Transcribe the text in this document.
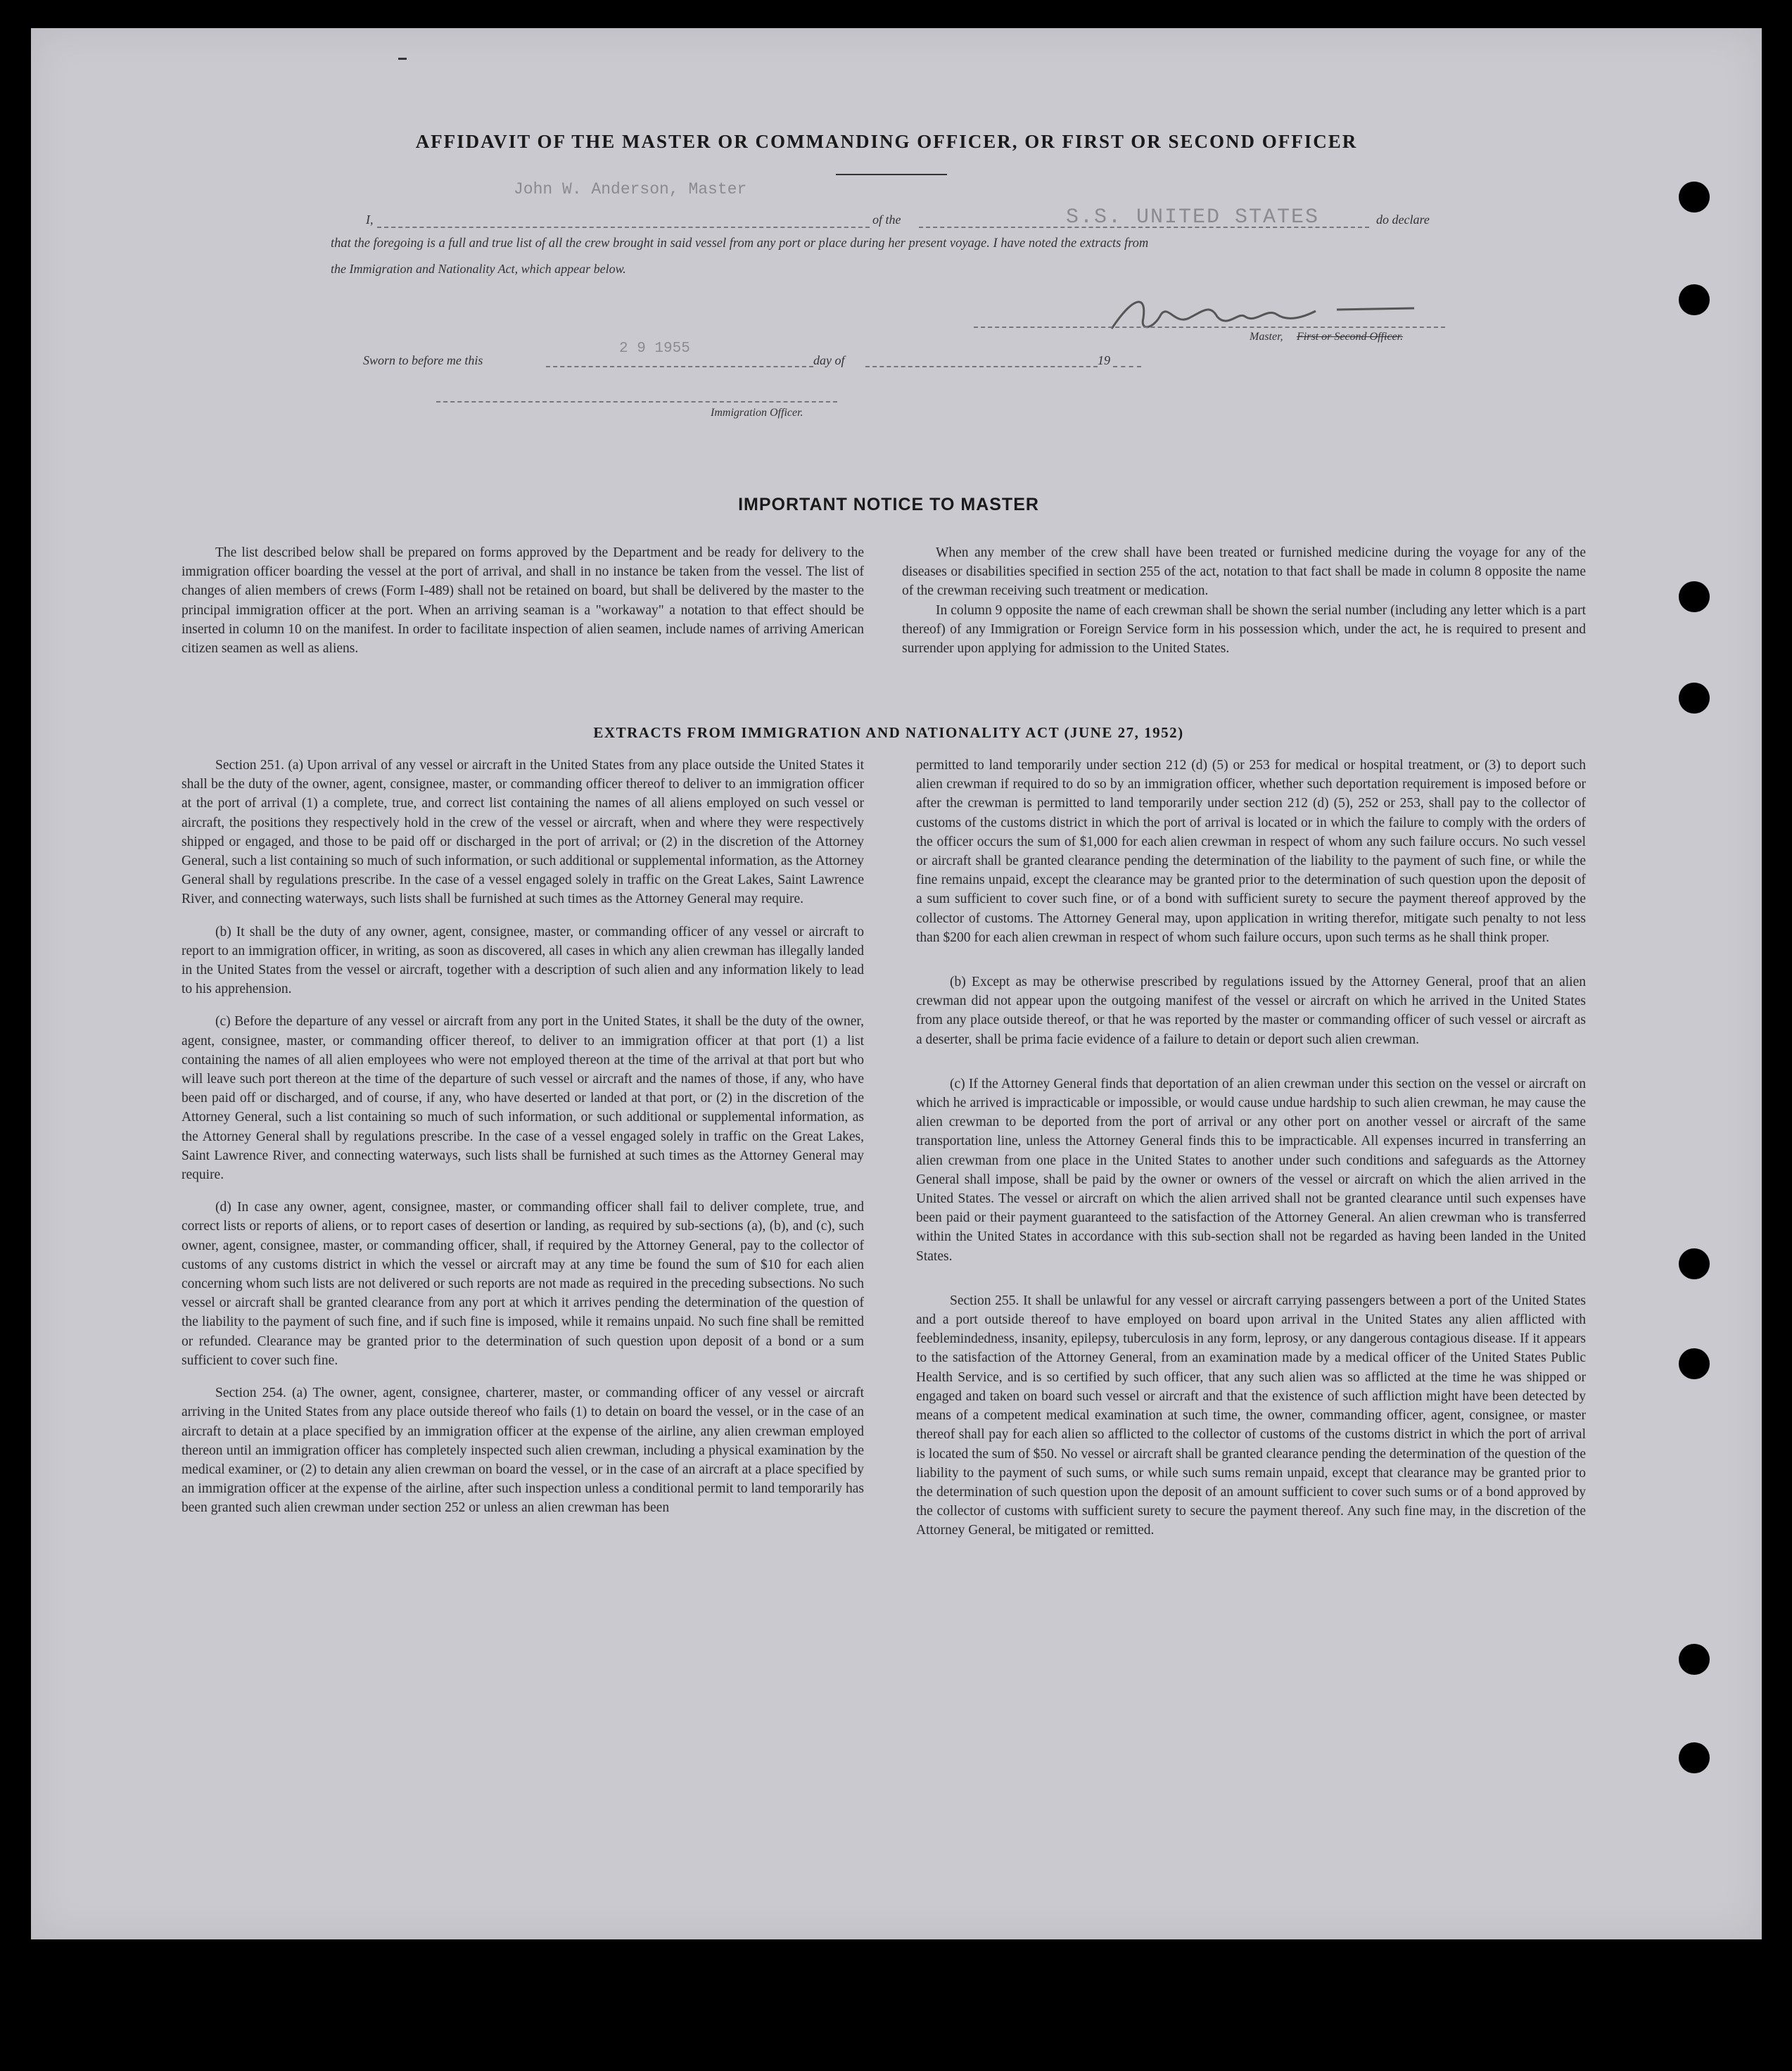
AFFIDAVIT OF THE MASTER OR COMMANDING OFFICER, OR FIRST OR SECOND OFFICER
John W. Anderson, Master
I,	of the	S.S. UNITED STATES	do declare
that the foregoing is a full and true list of all the crew brought in said vessel from any port or place during her present voyage. I have noted the extracts from
the Immigration and Nationality Act, which appear below.
Master, First or Second Officer.
Sworn to before me this
2 9 1955
day of	19
Immigration Officer.
IMPORTANT NOTICE TO MASTER

The list described below shall be prepared on forms approved by the Department and be ready for delivery to the immigration officer boarding the vessel at the port of arrival, and shall in no instance be taken from the vessel. The list of changes of alien members of crews (Form I-489) shall not be retained on board, but shall be delivered by the master to the principal immigration officer at the port. When an arriving seaman is a "workaway" a notation to that effect should be inserted in column 10 on the manifest. In order to facilitate inspection of alien seamen, include names of arriving American citizen seamen as well as aliens.

When any member of the crew shall have been treated or furnished medicine during the voyage for any of the diseases or disabilities specified in section 255 of the act, notation to that fact shall be made in column 8 opposite the name of the crewman receiving such treatment or medication.

In column 9 opposite the name of each crewman shall be shown the serial number (including any letter which is a part thereof) of any Immigration or Foreign Service form in his possession which, under the act, he is required to present and surrender upon applying for admission to the United States.

EXTRACTS FROM IMMIGRATION AND NATIONALITY ACT (JUNE 27, 1952)

Section 251. (a) Upon arrival of any vessel or aircraft in the United States from any place outside the United States it shall be the duty of the owner, agent, consignee, master, or commanding officer thereof to deliver to an immigration officer at the port of arrival (1) a complete, true, and correct list containing the names of all aliens employed on such vessel or aircraft, the positions they respectively hold in the crew of the vessel or aircraft, when and where they were respectively shipped or engaged, and those to be paid off or discharged in the port of arrival; or (2) in the discretion of the Attorney General, such a list containing so much of such information, or such additional or supplemental information, as the Attorney General shall by regulations prescribe. In the case of a vessel engaged solely in traffic on the Great Lakes, Saint Lawrence River, and connecting waterways, such lists shall be furnished at such times as the Attorney General may require.

(b) It shall be the duty of any owner, agent, consignee, master, or commanding officer of any vessel or aircraft to report to an immigration officer, in writing, as soon as discovered, all cases in which any alien crewman has illegally landed in the United States from the vessel or aircraft, together with a description of such alien and any information likely to lead to his apprehension.

(c) Before the departure of any vessel or aircraft from any port in the United States, it shall be the duty of the owner, agent, consignee, master, or commanding officer thereof, to deliver to an immigration officer at that port (1) a list containing the names of all alien employees who were not employed thereon at the time of the arrival at that port but who will leave such port thereon at the time of the departure of such vessel or aircraft and the names of those, if any, who have been paid off or discharged, and of course, if any, who have deserted or landed at that port, or (2) in the discretion of the Attorney General, such a list containing so much of such information, or such additional or supplemental information, as the Attorney General shall by regulations prescribe. In the case of a vessel engaged solely in traffic on the Great Lakes, Saint Lawrence River, and connecting waterways, such lists shall be furnished at such times as the Attorney General may require.

(d) In case any owner, agent, consignee, master, or commanding officer shall fail to deliver complete, true, and correct lists or reports of aliens, or to report cases of desertion or landing, as required by sub-sections (a), (b), and (c), such owner, agent, consignee, master, or commanding officer, shall, if required by the Attorney General, pay to the collector of customs of any customs district in which the vessel or aircraft may at any time be found the sum of $10 for each alien concerning whom such lists are not delivered or such reports are not made as required in the preceding subsections. No such vessel or aircraft shall be granted clearance from any port at which it arrives pending the determination of the question of the liability to the payment of such fine, and if such fine is imposed, while it remains unpaid. No such fine shall be remitted or refunded. Clearance may be granted prior to the determination of such question upon deposit of a bond or a sum sufficient to cover such fine.

Section 254. (a) The owner, agent, consignee, charterer, master, or commanding officer of any vessel or aircraft arriving in the United States from any place outside thereof who fails (1) to detain on board the vessel, or in the case of an aircraft to detain at a place specified by an immigration officer at the expense of the airline, any alien crewman employed thereon until an immigration officer has completely inspected such alien crewman, including a physical examination by the medical examiner, or (2) to detain any alien crewman on board the vessel, or in the case of an aircraft at a place specified by an immigration officer at the expense of the airline, after such inspection unless a conditional permit to land temporarily has been granted such alien crewman under section 252 or unless an alien crewman has been

permitted to land temporarily under section 212 (d) (5) or 253 for medical or hospital treatment, or (3) to deport such alien crewman if required to do so by an immigration officer, whether such deportation requirement is imposed before or after the crewman is permitted to land temporarily under section 212 (d) (5), 252 or 253, shall pay to the collector of customs of the customs district in which the port of arrival is located or in which the failure to comply with the orders of the officer occurs the sum of $1,000 for each alien crewman in respect of whom any such failure occurs. No such vessel or aircraft shall be granted clearance pending the determination of the liability to the payment of such fine, or while the fine remains unpaid, except the clearance may be granted prior to the determination of such question upon the deposit of a sum sufficient to cover such fine, or of a bond with sufficient surety to secure the payment thereof approved by the collector of customs. The Attorney General may, upon application in writing therefor, mitigate such penalty to not less than $200 for each alien crewman in respect of whom such failure occurs, upon such terms as he shall think proper.

(b) Except as may be otherwise prescribed by regulations issued by the Attorney General, proof that an alien crewman did not appear upon the outgoing manifest of the vessel or aircraft on which he arrived in the United States from any place outside thereof, or that he was reported by the master or commanding officer of such vessel or aircraft as a deserter, shall be prima facie evidence of a failure to detain or deport such alien crewman.

(c) If the Attorney General finds that deportation of an alien crewman under this section on the vessel or aircraft on which he arrived is impracticable or impossible, or would cause undue hardship to such alien crewman, he may cause the alien crewman to be deported from the port of arrival or any other port on another vessel or aircraft of the same transportation line, unless the Attorney General finds this to be impracticable. All expenses incurred in transferring an alien crewman from one place in the United States to another under such conditions and safeguards as the Attorney General shall impose, shall be paid by the owner or owners of the vessel or aircraft on which the alien arrived in the United States. The vessel or aircraft on which the alien arrived shall not be granted clearance until such expenses have been paid or their payment guaranteed to the satisfaction of the Attorney General. An alien crewman who is transferred within the United States in accordance with this sub-section shall not be regarded as having been landed in the United States.

Section 255. It shall be unlawful for any vessel or aircraft carrying passengers between a port of the United States and a port outside thereof to have employed on board upon arrival in the United States any alien afflicted with feeblemindedness, insanity, epilepsy, tuberculosis in any form, leprosy, or any dangerous contagious disease. If it appears to the satisfaction of the Attorney General, from an examination made by a medical officer of the United States Public Health Service, and is so certified by such officer, that any such alien was so afflicted at the time he was shipped or engaged and taken on board such vessel or aircraft and that the existence of such affliction might have been detected by means of a competent medical examination at such time, the owner, commanding officer, agent, consignee, or master thereof shall pay for each alien so afflicted to the collector of customs of the customs district in which the port of arrival is located the sum of $50. No vessel or aircraft shall be granted clearance pending the determination of the question of the liability to the payment of such sums, or while such sums remain unpaid, except that clearance may be granted prior to the determination of such question upon the deposit of an amount sufficient to cover such sums or of a bond approved by the collector of customs with sufficient surety to secure the payment thereof. Any such fine may, in the discretion of the Attorney General, be mitigated or remitted.
